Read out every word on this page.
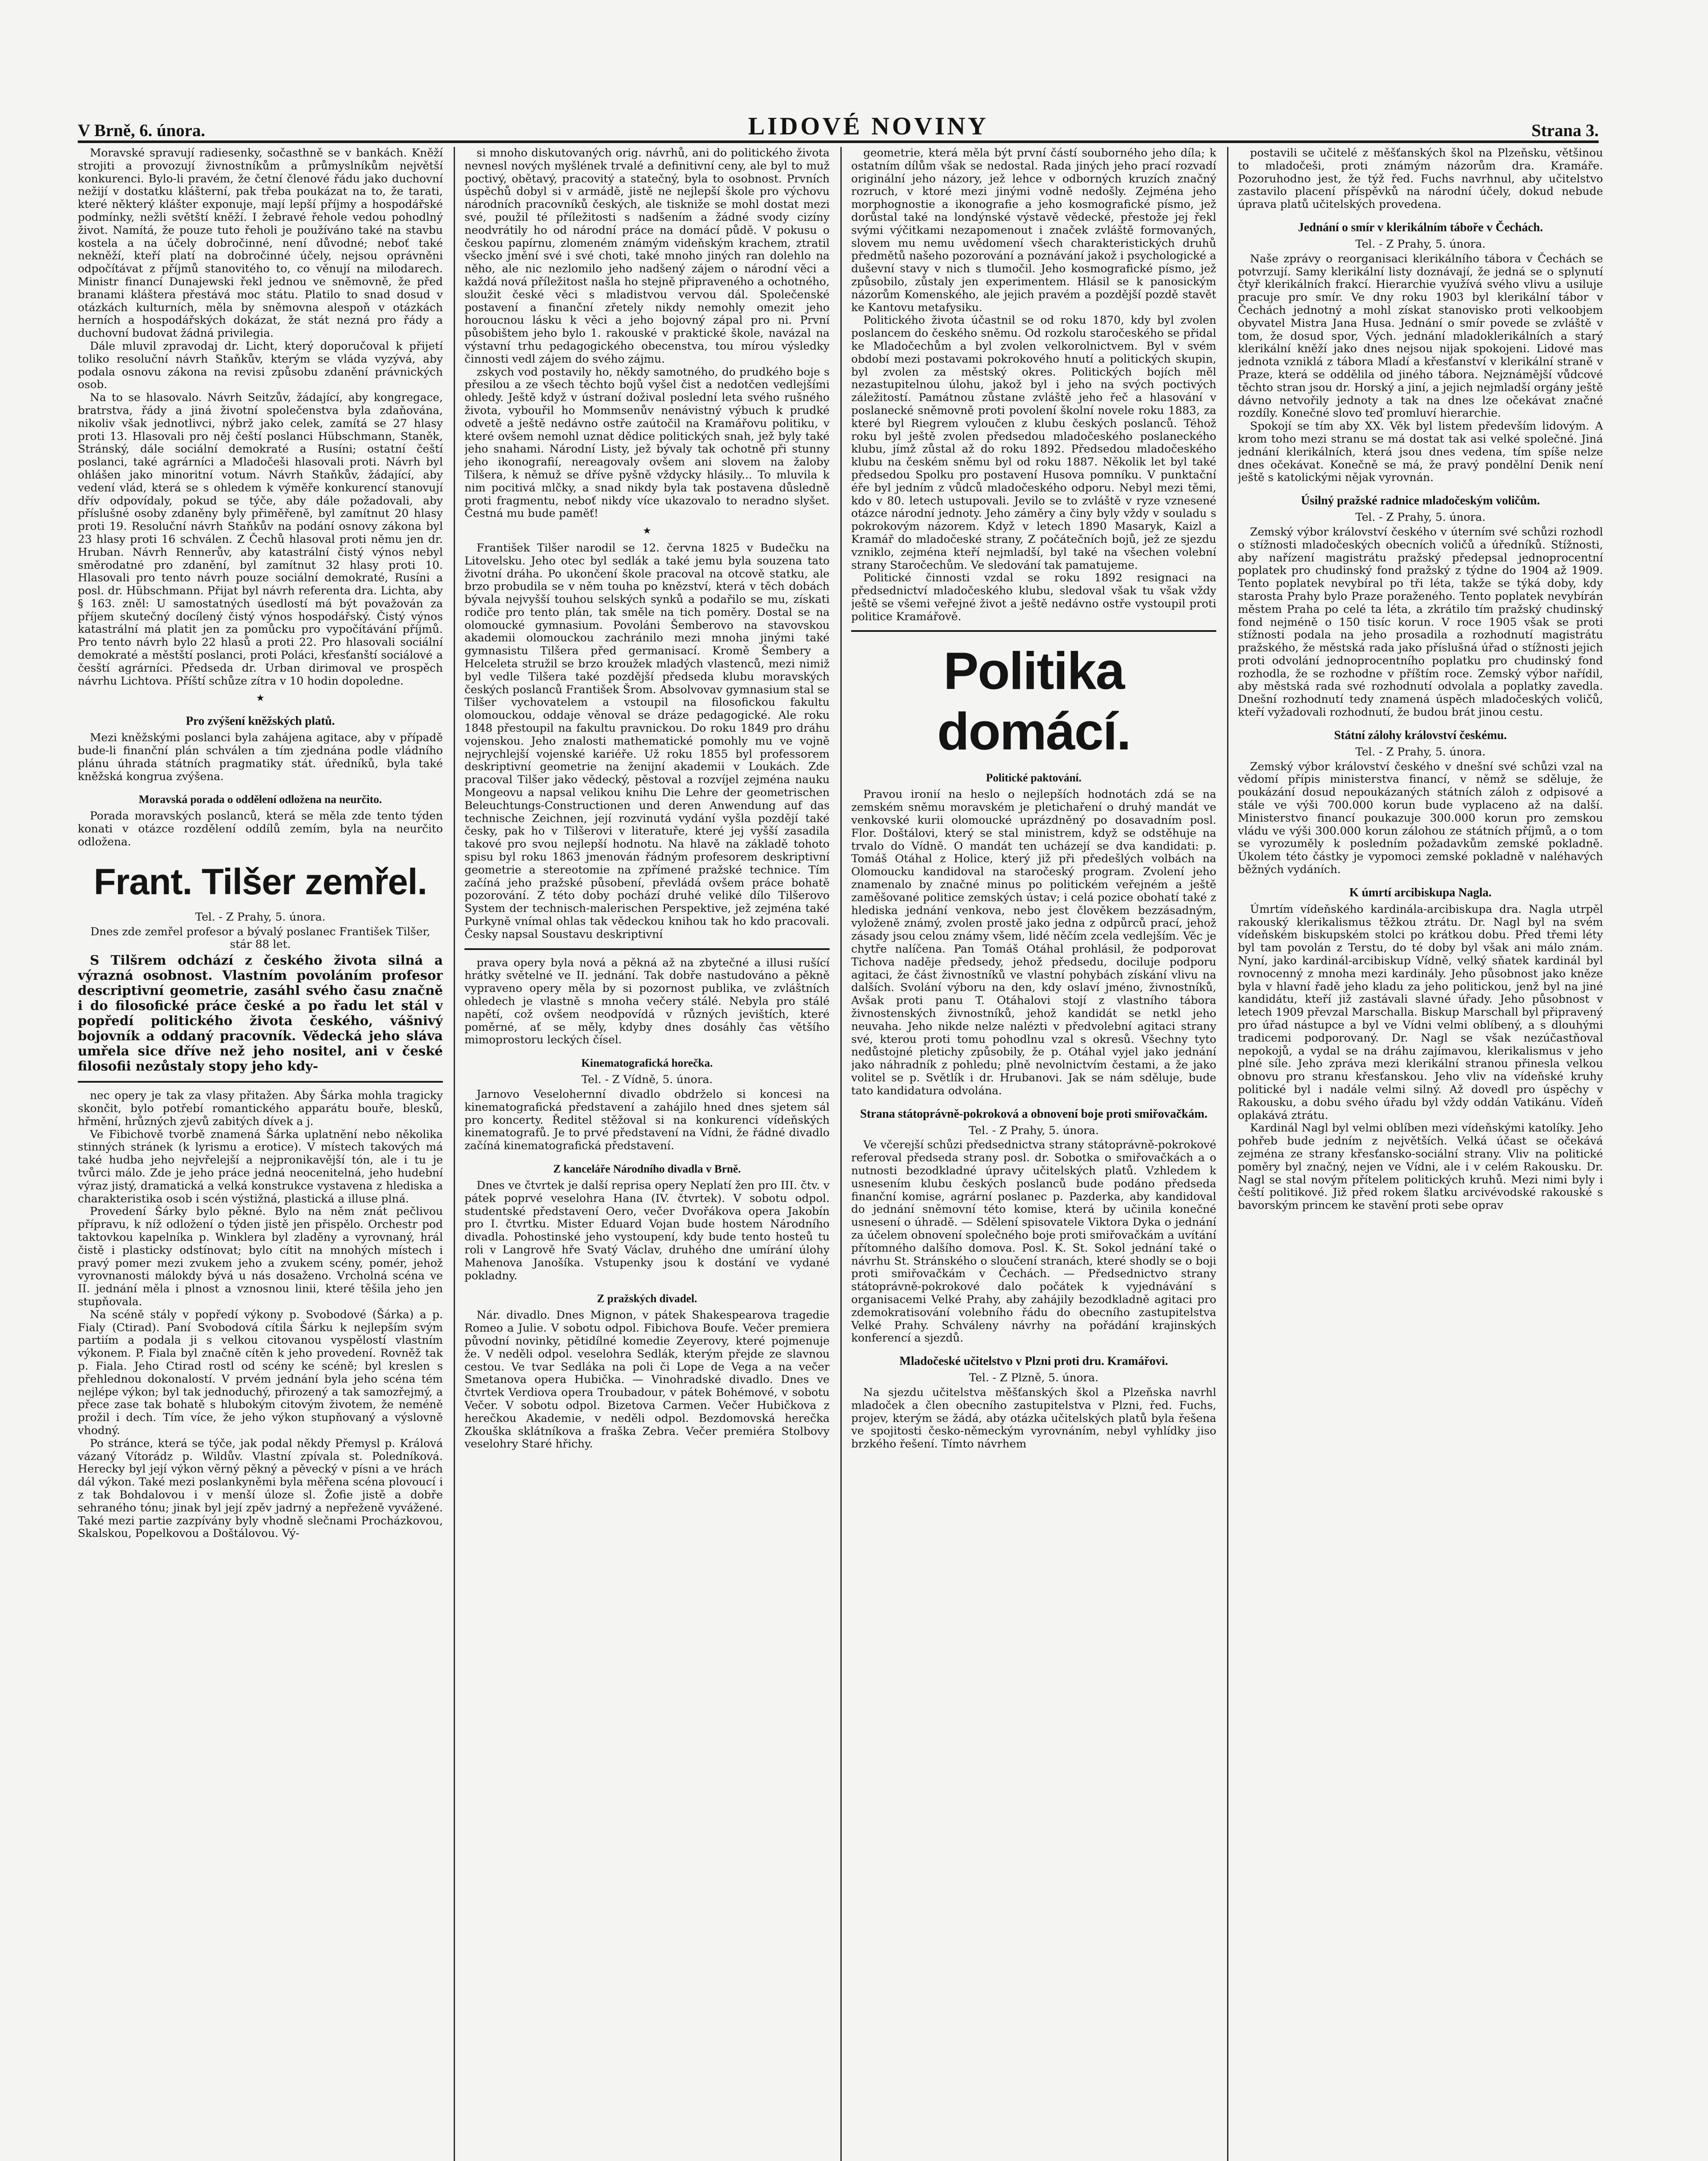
V Brně, 6. února.	LIDOVÉ NOVINY	Strana 3.

Moravské spravují radiesenky, sočasthně se v bankách. Kněží strojiti a provozují živnostníkům a průmyslníkům největší konkurenci. Bylo-li pravém, že četní členové řádu jako duchovní nežijí v dostatku klášterní, pak třeba poukázat na to, že tarati, které některý klášter exponuje, mají lepší příjmy a hospodářské podmínky, nežli světští kněží. I žebravé řehole vedou pohodlný život. Namítá, že pouze tuto řeholi je používáno také na stavbu kostela a na účely dobročinné, není důvodné; neboť také nekněží, kteří platí na dobročinné účely, nejsou oprávněni odpočítávat z příjmů stanovitého to, co věnují na milodarech. Ministr financí Dunajewski řekl jednou ve sněmovně, že před branami kláštera přestává moc státu. Platilo to snad dosud v otázkách kulturních, měla by sněmovna alespoň v otázkách herních a hospodářských dokázat, že stát nezná pro řády a duchovní budovat žádná privilegia.

Dále mluvil zpravodaj dr. Licht, který doporučoval k přijetí toliko resoluční návrh Staňkův, kterým se vláda vyzývá, aby podala osnovu zákona na revisi způsobu zdanění právnických osob.

Na to se hlasovalo. Návrh Seitzův, žádající, aby kongregace, bratrstva, řády a jiná životní společenstva byla zdaňována, nikoliv však jednotlivci, nýbrž jako celek, zamítá se 27 hlasy proti 13. Hlasovali pro něj čeští poslanci Hübschmann, Staněk, Stránský, dále sociální demokraté a Rusíni; ostatní čeští poslanci, také agrárníci a Mladočeši hlasovali proti. Návrh byl ohlášen jako minoritní votum. Návrh Staňkův, žádající, aby vedení vlád, která se s ohledem k výměře konkurencí stanovují dřív odpovídaly, pokud se týče, aby dále požadovali, aby příslušné osoby zdaněny byly přiměřeně, byl zamítnut 20 hlasy proti 19. Resoluční návrh Staňkův na podání osnovy zákona byl 23 hlasy proti 16 schválen. Z Čechů hlasoval proti němu jen dr. Hruban. Návrh Rennerův, aby katastrální čistý výnos nebyl směrodatné pro zdanění, byl zamítnut 32 hlasy proti 10. Hlasovali pro tento návrh pouze sociální demokraté, Rusíni a posl. dr. Hübschmann. Přijat byl návrh referenta dra. Lichta, aby § 163. zněl: U samostatných úsedlostí má být považován za příjem skutečný docílený čistý výnos hospodářský. Čistý výnos katastrální má platit jen za pomůcku pro vypočítávání příjmů. Pro tento návrh bylo 22 hlasů a proti 22. Pro hlasovali sociální demokraté a městští poslanci, proti Poláci, křesťanští sociálové a česští agrárníci. Předseda dr. Urban dirimoval ve prospěch návrhu Lichtova. Příští schůze zítra v 10 hodin dopoledne.

★
Pro zvýšení kněžských platů.

Mezi kněžskými poslanci byla zahájena agitace, aby v případě bude-li finanční plán schválen a tím zjednána podle vládního plánu úhrada státních pragmatiky stát. úředníků, byla také kněžská kongrua zvýšena.

Moravská porada o oddělení odložena na neurčito.

Porada moravských poslanců, která se měla zde tento týden konati v otázce rozdělení oddílů zemím, byla na neurčito odložena.

Frant. Tilšer zemřel.

Tel. - Z Prahy, 5. února.

Dnes zde zemřel profesor a bývalý poslanec František Tilšer, stár 88 let.

S Tilšrem odchází z českého života silná a výrazná osobnost. Vlastním povoláním profesor descriptivní geometrie, zasáhl svého času značně i do filosofické práce české a po řadu let stál v popředí politického života českého, vášnivý bojovník a oddaný pracovník. Vědecká jeho sláva umřela sice dříve než jeho nositel, ani v české filosofii nezůstaly stopy jeho kdy-

nec opery je tak za vlasy přitažen. Aby Šárka mohla tragicky skončit, bylo potřebí romantického apparátu bouře, blesků, hřmění, hrůzných zjevů zabitých dívek a j.

Ve Fibichově tvorbě znamená Šárka uplatnění nebo několika stinných stránek (k lyrismu a erotice). V místech takových má také hudba jeho nejvřelejší a nejpronikavější tón, ale i tu je tvůrci málo. Zde je jeho práce jedná neocenitelná, jeho hudební výraz jistý, dramatická a velká konstrukce vystavena z hlediska a charakteristika osob i scén výstižná, plastická a illuse plná.

Provedení Šárky bylo pěkné. Bylo na něm znát pečlivou přípravu, k níž odložení o týden jistě jen přispělo. Orchestr pod taktovkou kapelníka p. Winklera byl zladěny a vyrovnaný, hrál čistě i plasticky odstínovat; bylo cítit na mnohých místech i pravý pomer mezi zvukem jeho a zvukem scény, pomér, jehož vyrovnanosti málokdy bývá u nás dosaženo. Vrcholná scéna ve II. jednání měla i plnost a vznosnou linii, které těšila jeho jen stupňovala.

Na scéně stály v popředí výkony p. Svobodové (Šárka) a p. Fialy (Ctirad). Paní Svobodová cítila Šárku k nejlepším svým partiím a podala ji s velkou citovanou vyspělostí vlastním výkonem. P. Fiala byl značně cítěn k jeho provedení. Rovněž tak p. Fiala. Jeho Ctirad rostl od scény ke scéně; byl kreslen s přehlednou dokonalostí. V prvém jednání byla jeho scéna tém nejlépe výkon; byl tak jednoduchý, přirozený a tak samozřejmý, a přece zase tak bohatě s hlubokým citovým životem, že neméně prožil i dech. Tím více, že jeho výkon stupňovaný a výslovně vhodný.

Po stránce, která se týče, jak podal někdy Přemysl p. Králová vázaný Vítorádz p. Wildův. Vlastní zpívala st. Poledníková. Herecky byl její výkon věrný pěkný a pěvecký v písni a ve hrách dál výkon. Také mezi poslankyněmi byla měřena scéna plovoucí i z tak Bohdalovou i v menší úloze sl. Žofie jistě a dobře sehraného tónu; jinak byl její zpěv jadrný a nepřeženě vyvážené. Také mezi partie zazpívány byly vhodně slečnami Procházkovou, Skalskou, Popelkovou a Doštálovou. Vý-

si mnoho diskutovaných orig. návrhů, ani do politického života nevnesl nových myšlének trvalé a definitivní ceny, ale byl to muž poctivý, obětavý, pracovitý a statečný, byla to osobnost. Prvních úspěchů dobyl si v armádě, jistě ne nejlepší škole pro výchovu národních pracovníků českých, ale tiskniže se mohl dostat mezi své, použil té příležitosti s nadšením a žádné svody cizíny neodvrátily ho od národní práce na domácí půdě. V pokusu o českou papírnu, zlomeném známým videňským krachem, ztratil všecko jmění své i své choti, také mnoho jiných ran dolehlo na něho, ale nic nezlomilo jeho nadšený zájem o národní věci a každá nová příležitost našla ho stejně připraveného a ochotného, sloužit české věci s mladistvou vervou dál. Společenské postavení a finanční zřetely nikdy nemohly omezit jeho horoucnou lásku k věci a jeho bojovný zápal pro ni. První působištem jeho bylo 1. rakouské v praktické škole, navázal na výstavní trhu pedagogického obecenstva, tou mírou výsledky činnosti vedl zájem do svého zájmu.

zskych vod postavily ho, někdy samotného, do prudkého boje s přesilou a ze všech těchto bojů vyšel čist a nedotčen vedlejšími ohledy. Ještě když v ústraní dožival poslední leta svého rušného života, vybouřil ho Mommsenův nenávistný výbuch k prudké odvetě a ještě nedávno ostře zaútočil na Kramářovu politiku, v které ovšem nemohl uznat dědice politických snah, jež byly také jeho snahami. Národní Listy, jež bývaly tak ochotně při stunny jeho ikonografií, nereagovaly ovšem ani slovem na žaloby Tilšera, k němuž se dříve pyšně vždycky hlásily... To mluvila k nim pocitivá mlčky, a snad nikdy byla tak postavena důsledně proti fragmentu, neboť nikdy více ukazovalo to neradno slyšet. Čestná mu bude paměť!

★

František Tilšer narodil se 12. června 1825 v Budečku na Litovelsku. Jeho otec byl sedlák a také jemu byla souzena tato životní dráha. Po ukončení škole pracoval na otcově statku, ale brzo probudila se v něm touha po knězství, která v těch dobách bývala nejvyšší touhou selských synků a podařilo se mu, získati rodiče pro tento plán, tak směle na tich poměry. Dostal se na olomoucké gymnasium. Povoláni Šemberovo na stavovskou akademii olomouckou zachránilo mezi mnoha jinými také gymnasistu Tilšera před germanisací. Kromě Šembery a Helceleta stružil se brzo kroužek mladých vlastenců, mezi nimiž byl vedle Tilšera také pozdější předseda klubu moravských českých poslanců František Šrom. Absolvovav gymnasium stal se Tilšer vychovatelem a vstoupil na filosofickou fakultu olomouckou, oddaje věnoval se dráze pedagogické. Ale roku 1848 přestoupil na fakultu pravnickou. Do roku 1849 pro dráhu vojenskou. Jeho znalosti mathematické pomohly mu ve vojně nejrychlejší vojenské kariéře. Už roku 1855 byl professorem deskriptivní geometrie na ženijní akademii v Loukách. Zde pracoval Tilšer jako vědecký, pěstoval a rozvíjel zejména nauku Mongeovu a napsal velikou knihu Die Lehre der geometrischen Beleuchtungs-Constructionen und deren Anwendung auf das technische Zeichnen, její rozvinutá vydání vyšla pozdějí také česky, pak ho v Tilšerovi v literatuře, které jej vyšší zasadila takové pro svou nejlepší hodnotu. Na hlavě na základě tohoto spisu byl roku 1863 jmenován řádným profesorem deskriptivní geometrie a stereotomie na zpřímené pražské technice. Tím začíná jeho pražské působení, převládá ovšem práce bohatě pozorování. Z této doby pochází druhé veliké dílo Tilšerovo System der technisch-malerischen Perspektive, jež zejména také Purkyně vnímal ohlas tak vědeckou knihou tak ho kdo pracovali. Česky napsal Soustavu deskriptivní

prava opery byla nová a pěkná až na zbytečné a illusi rušící hrátky světelné ve II. jednání. Tak dobře nastudováno a pěkně vypraveno opery měla by si pozornost publika, ve zvláštních ohledech je vlastně s mnoha večery stálé. Nebyla pro stálé napětí, což ovšem neodpovídá v různých jevištích, které poměrné, ať se měly, kdyby dnes dosáhly čas většího mimoprostoru leckých čísel.

Kinematografická horečka.

Tel. - Z Vídně, 5. února.

Jarnovo Veselohernní divadlo obdrželo si koncesi na kinematografická představení a zahájilo hned dnes sjetem sál pro koncerty. Ředitel stěžoval si na konkurenci vídeňských kinematografů. Je to prvé představení na Vídni, že řádné divadlo začíná kinematografická představení.

Z kanceláře Národního divadla v Brně.

Dnes ve čtvrtek je další reprisa opery Neplatí žen pro III. čtv. v pátek poprvé veselohra Hana (IV. čtvrtek). V sobotu odpol. studentské představení Oero, večer Dvořákova opera Jakobín pro I. čtvrtku. Mister Eduard Vojan bude hostem Národního divadla. Pohostinské jeho vystoupení, kdy bude tento hosteů tu roli v Langrově hře Svatý Václav, druhého dne umírání úlohy Mahenova Janošíka. Vstupenky jsou k dostání ve vydané pokladny.

Z pražských divadel.

Nár. divadlo. Dnes Mignon, v pátek Shakespearova tragedie Romeo a Julie. V sobotu odpol. Fibichova Boufe. Večer premiera původní novinky, pětidílné komedie Zeyerovy, které pojmenuje že. V neděli odpol. veselohra Sedlák, kterým přejde ze slavnou cestou. Ve tvar Sedláka na poli či Lope de Vega a na večer Smetanova opera Hubička. — Vinohradské divadlo. Dnes ve čtvrtek Verdiova opera Troubadour, v pátek Bohémové, v sobotu Večer. V sobotu odpol. Bizetova Carmen. Večer Hubičkova z herečkou Akademie, v neděli odpol. Bezdomovská herečka Zkouška sklátníkova a fraška Zebra. Večer premiéra Stolbovy veselohry Staré hřichy.

geometrie, která měla být první částí souborného jeho díla; k ostatním dílům však se nedostal. Rada jiných jeho prací rozvadí originální jeho názory, jež lehce v odborných kruzích značný rozruch, v ktoré mezi jinými vodně nedošly. Zejména jeho morphognostie a ikonografie a jeho kosmografické písmo, jež dorůstal také na londýnské výstavě vědecké, přestože jej řekl svými výčitkami nezapomenout i značek zvláště formovaných, slovem mu nemu uvědomení všech charakteristických druhů předmětů našeho pozorování a poznávání jakož i psychologické a duševní stavy v nich s tlumočil. Jeho kosmografické písmo, jež způsobilo, zůstaly jen experimentem. Hlásil se k panosickým názorům Komenského, ale jejich pravém a pozdější pozdě stavět ke Kantovu metafysiku.

Politického života účastnil se od roku 1870, kdy byl zvolen poslancem do českého sněmu. Od rozkolu staročeského se přidal ke Mladočechům a byl zvolen velkorolnictvem. Byl v svém období mezi postavami pokrokového hnutí a politických skupin, byl zvolen za městský okres. Politických bojích měl nezastupitelnou úlohu, jakož byl i jeho na svých poctivých záležitostí. Památnou zůstane zvláště jeho řeč a hlasování v poslanecké sněmovně proti povolení školní novele roku 1883, za které byl Riegrem vyloučen z klubu českých poslanců. Téhož roku byl ještě zvolen předsedou mladočeského poslaneckého klubu, jímž zůstal až do roku 1892. Předsedou mladočeského klubu na českém sněmu byl od roku 1887. Několik let byl také předsedou Spolku pro postavení Husova pomníku. V punktační éře byl jedním z vůdců mladočeského odporu. Nebyl mezi těmi, kdo v 80. letech ustupovali. Jevilo se to zvláště v ryze vznesené otázce národní jednoty. Jeho záměry a činy byly vždy v souladu s pokrokovým názorem. Když v letech 1890 Masaryk, Kaizl a Kramář do mladočeské strany, Z počátečních bojů, jež ze sjezdu vzniklo, zejména kteří nejmladší, byl také na všechen volební strany Staročechům. Ve sledování tak pamatujeme.

Politické činnosti vzdal se roku 1892 resignaci na předsednictví mladočeského klubu, sledoval však tu však vždy ještě se všemi veřejné život a ještě nedávno ostře vystoupil proti politice Kramářově.

Politika domácí.
Politické paktování.

Pravou ironií na heslo o nejlepších hodnotách zdá se na zemském sněmu moravském je pletichaření o druhý mandát ve venkovské kurii olomoucké uprázdněný po dosavadním posl. Flor. Doštálovi, který se stal ministrem, když se odstěhuje na trvalo do Vídně. O mandát ten ucházejí se dva kandidati: p. Tomáš Otáhal z Holice, který již při předešlých volbách na Olomoucku kandidoval na staročeský program. Zvolení jeho znamenalo by značné minus po politickém veřejném a ještě zaměšované politice zemských ústav; i celá pozice obohatí také z hlediska jednání venkova, nebo jest člověkem bezzásadným, vyloženě známý, zvolen prostě jako jedna z odpůrců prací, jehož zásady jsou celou známy všem, lidé něčím zcela vedlejším. Věc je chytře nalíčena. Pan Tomáš Otáhal prohlásil, že podporovat Tichova naděje předsedy, jehož předsedu, dociluje podporu agitaci, že část živnostníků ve vlastní pohybách získání vlivu na dalších. Svolání výboru na den, kdy oslaví jméno, živnostníků, Avšak proti panu T. Otáhalovi stojí z vlastního tábora živnostenských živnostníků, jehož kandidát se netkl jeho neuvaha. Jeho nikde nelze nalézti v předvolební agitaci strany své, kterou proti tomu pohodlnu vzal s okresů. Všechny tyto nedůstojné pletichy způsobily, že p. Otáhal vyjel jako jednání jako náhradník z pohledu; plně nevolnictvím čestami, a že jako volitel se p. Světlík i dr. Hrubanovi. Jak se nám sděluje, bude tato kandidatura odvolána.

Strana státoprávně-pokroková a obnovení boje proti smiřovačkám.

Tel. - Z Prahy, 5. února.

Ve včerejší schůzi předsednictva strany státoprávně-pokrokové referoval předseda strany posl. dr. Sobotka o smiřovačkách a o nutnosti bezodkladné úpravy učitelských platů. Vzhledem k usnesením klubu českých poslanců bude podáno předseda finanční komise, agrární poslanec p. Pazderka, aby kandidoval do jednání sněmovní této komise, která by učinila konečné usnesení o úhradě. — Sdělení spisovatele Viktora Dyka o jednání za účelem obnovení společného boje proti smiřovačkám a uvítání přítomného dalšího domova. Posl. K. St. Sokol jednání také o návrhu St. Stránského o sloučení stranách, které shodly se o boji proti smiřovačkám v Čechách. — Předsednictvo strany státoprávně-pokrokové dalo počátek k vyjednávání s organisacemi Velké Prahy, aby zahájily bezodkladně agitaci pro zdemokratisování volebního řádu do obecního zastupitelstva Velké Prahy. Schváleny návrhy na pořádání krajinských konferencí a sjezdů.

Mladočeské učitelstvo v Plzni proti dru. Kramářovi.

Tel. - Z Plzně, 5. února.

Na sjezdu učitelstva měšťanských škol a Plzeňska navrhl mladoček a člen obecního zastupitelstva v Plzni, řed. Fuchs, projev, kterým se žádá, aby otázka učitelských platů byla řešena ve spojitosti česko-německým vyrovnáním, nebyl vyhlídky jiso brzkého řešení. Tímto návrhem

postavili se učitelé z měšťanských škol na Plzeňsku, většinou to mladočeši, proti známým názorům dra. Kramáře. Pozoruhodno jest, že týž řed. Fuchs navrhnul, aby učitelstvo zastavilo placení příspěvků na národní účely, dokud nebude úprava platů učitelských provedena.

Jednání o smír v klerikálním táboře v Čechách.

Tel. - Z Prahy, 5. února.

Naše zprávy o reorganisaci klerikálního tábora v Čechách se potvrzují. Samy klerikální listy doznávají, že jedná se o splynutí čtyř klerikálních frakcí. Hierarchie využívá svého vlivu a usiluje pracuje pro smír. Ve dny roku 1903 byl klerikální tábor v Čechách jednotný a mohl získat stanovisko proti velkoobjem obyvatel Mistra Jana Husa. Jednání o smír povede se zvláště v tom, že dosud spor, Vých. jednání mladoklerikálních a starý klerikální kněží jako dnes nejsou nijak spokojeni. Lidové mas jednota vzniklá z tábora Mladí a křesťanství v klerikální straně v Praze, která se oddělila od jiného tábora. Nejznámější vůdcové těchto stran jsou dr. Horský a jiní, a jejich nejmladší orgány ještě dávno netvořily jednoty a tak na dnes lze očekávat značné rozdíly. Konečné slovo teď promluví hierarchie.

Spokojí se tím aby XX. Věk byl listem především lidovým. A krom toho mezi stranu se má dostat tak asi velké společné. Jiná jednání klerikálních, která jsou dnes vedena, tím spíše nelze dnes očekávat. Konečně se má, že pravý pondělní Denik není ještě s katolickými nějak vyrovnán.

Úsilný pražské radnice mladočeským voličům.

Tel. - Z Prahy, 5. února.

Zemský výbor království českého v úterním své schůzi rozhodl o stížnosti mladočeských obecních voličů a úředníků. Stížnosti, aby nařízení magistrátu pražský předepsal jednoprocentní poplatek pro chudinský fond pražský z týdne do 1904 až 1909. Tento poplatek nevybíral po tři léta, takže se týká doby, kdy starosta Prahy bylo Praze poraženého. Tento poplatek nevybírán městem Praha po celé ta léta, a zkrátilo tím pražský chudinský fond nejméně o 150 tisíc korun. V roce 1905 však se proti stížnosti podala na jeho prosadila a rozhodnutí magistrátu pražského, že městská rada jako příslušná úřad o stížnosti jejich proti odvolání jednoprocentního poplatku pro chudinský fond rozhodla, že se rozhodne v příštím roce. Zemský výbor nařídil, aby městská rada své rozhodnutí odvolala a poplatky zavedla. Dnešní rozhodnutí tedy znamená úspěch mladočeských voličů, kteří vyžadovali rozhodnutí, že budou brát jinou cestu.

Státní zálohy království českému.

Tel. - Z Prahy, 5. února.

Zemský výbor království českého v dnešní své schůzi vzal na vědomí přípis ministerstva financí, v němž se sděluje, že poukázání dosud nepoukázaných státních záloh z odpisové a stále ve výši 700.000 korun bude vyplaceno až na další. Ministerstvo financí poukazuje 300.000 korun pro zemskou vládu ve výši 300.000 korun zálohou ze státních příjmů, a o tom se vyrozuměly k posledním požadavkům zemské pokladně. Úkolem této částky je vypomoci zemské pokladně v naléhavých běžných vydáních.

K úmrtí arcibiskupa Nagla.

Úmrtím vídeňského kardinála-arcibiskupa dra. Nagla utrpěl rakouský klerikalismus těžkou ztrátu. Dr. Nagl byl na svém vídeňském biskupském stolci po krátkou dobu. Před třemi léty byl tam povolán z Terstu, do té doby byl však ani málo znám. Nyní, jako kardinál-arcibiskup Vídně, velký sňatek kardinál byl rovnocenný z mnoha mezi kardinály. Jeho působnost jako kněze byla v hlavní řadě jeho kladu za jeho politickou, jenž byl na jiné kandidátu, kteří již zastávali slavné úřady. Jeho působnost v letech 1909 převzal Marschalla. Biskup Marschall byl připravený pro úřad nástupce a byl ve Vídni velmi oblíbený, a s dlouhými tradicemi podporovaný. Dr. Nagl se však nezúčastňoval nepokojů, a vydal se na dráhu zajímavou, klerikalismus v jeho plné síle. Jeho zpráva mezi klerikální stranou přinesla velkou obnovu pro stranu křesťanskou. Jeho vliv na vídeňské kruhy politické byl i nadále velmi silný. Až dovedl pro úspěchy v Rakousku, a dobu svého úřadu byl vždy oddán Vatikánu. Vídeň oplakává ztrátu.

Kardinál Nagl byl velmi oblíben mezi vídeňskými katolíky. Jeho pohřeb bude jedním z největších. Velká účast se očekává zejména ze strany křesťansko-sociální strany. Vliv na politické poměry byl značný, nejen ve Vídni, ale i v celém Rakousku. Dr. Nagl se stal novým přítelem politických kruhů. Mezi nimi byly i čeští politikové. Již před rokem šlatku arcivévodské rakouské s bavorským princem ke stavění proti sebe oprav
